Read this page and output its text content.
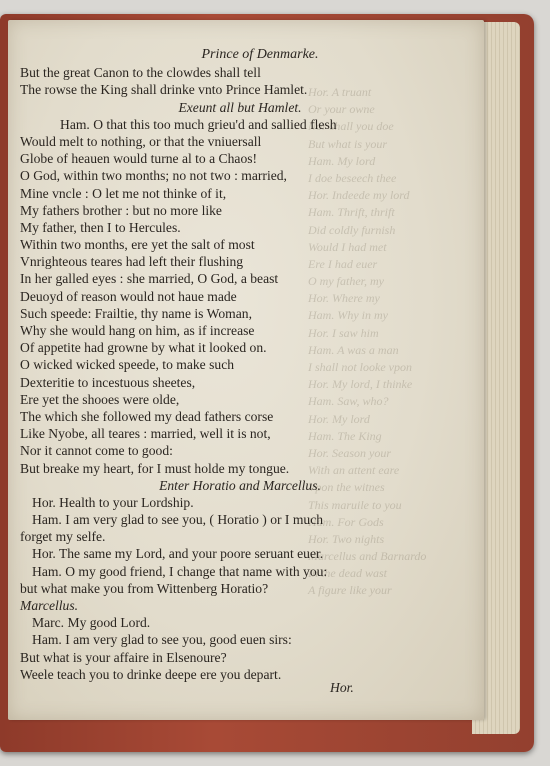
Hor. A truant
Or your owne
Nor shall you doe
But what is your
Ham. My lord
I doe beseech thee
Hor. Indeede my lord
Ham. Thrift, thrift
Did coldly furnish
Would I had met
Ere I had euer
O my father, my
Hor. Where my
Ham. Why in my
Hor. I saw him
Ham. A was a man
I shall not looke vpon
Hor. My lord, I thinke
Ham. Saw, who?
Hor. My lord
Ham. The King
Hor. Season your
With an attent eare
Vpon the witnes
This maruile to you
Ham. For Gods
Hor. Two nights
Marcellus and Barnardo
In the dead wast
A figure like your
Prince of Denmarke.
But the great Canon to the clowdes shall tell
The rowse the King shall drinke vnto Prince Hamlet.
Exeunt all but Hamlet.
Ham. O that this too much grieu'd and sallied flesh
Would melt to nothing, or that the vniuersall
Globe of heauen would turne al to a Chaos!
O God, within two months; no not two : married,
Mine vncle : O let me not thinke of it,
My fathers brother : but no more like
My father, then I to Hercules.
Within two months, ere yet the salt of most
Vnrighteous teares had left their flushing
In her galled eyes : she married, O God, a beast
Deuoyd of reason would not haue made
Such speede: Frailtie, thy name is Woman,
Why she would hang on him, as if increase
Of appetite had growne by what it looked on.
O wicked wicked speede, to make such
Dexteritie to incestuous sheetes,
Ere yet the shooes were olde,
The which she followed my dead fathers corse
Like Nyobe, all teares : married, well it is not,
Nor it cannot come to good:
But breake my heart, for I must holde my tongue.
Enter Horatio and Marcellus.
Hor. Health to your Lordship.
Ham. I am very glad to see you, ( Horatio ) or I much
forget my selfe.
Hor. The same my Lord, and your poore seruant euer.
Ham. O my good friend, I change that name with you:
but what make you from Wittenberg Horatio?
Marcellus.
Marc. My good Lord.
Ham. I am very glad to see you, good euen sirs:
But what is your affaire in Elsenoure?
Weele teach you to drinke deepe ere you depart.
Hor.
